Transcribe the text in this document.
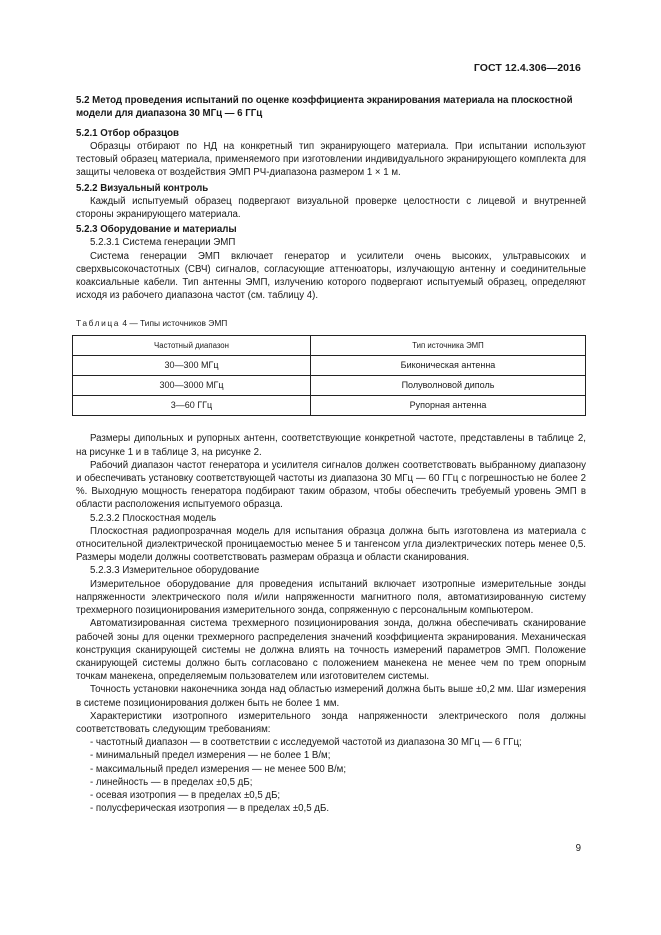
ГОСТ 12.4.306—2016

5.2 Метод проведения испытаний по оценке коэффициента экранирования материала на плоскостной модели для диапазона 30 МГц — 6 ГГц

5.2.1 Отбор образцов

Образцы отбирают по НД на конкретный тип экранирующего материала. При испытании используют тестовый образец материала, применяемого при изготовлении индивидуального экранирующего комплекта для защиты человека от воздействия ЭМП РЧ-диапазона размером 1 × 1 м.

5.2.2 Визуальный контроль

Каждый испытуемый образец подвергают визуальной проверке целостности с лицевой и внутренней стороны экранирующего материала.

5.2.3 Оборудование и материалы

5.2.3.1 Система генерации ЭМП

Система генерации ЭМП включает генератор и усилители очень высоких, ультравысоких и сверхвысокочастотных (СВЧ) сигналов, согласующие аттенюаторы, излучающую антенну и соединительные коаксиальные кабели. Тип антенны ЭМП, излучению которого подвергают испытуемый образец, определяют исходя из рабочего диапазона частот (см. таблицу 4).

Таблица 4 — Типы источников ЭМП

Частотный диапазон	Тип источника ЭМП
30—300 МГц	Биконическая антенна
300—3000 МГц	Полуволновой диполь
3—60 ГГц	Рупорная антенна

Размеры дипольных и рупорных антенн, соответствующие конкретной частоте, представлены в таблице 2, на рисунке 1 и в таблице 3, на рисунке 2.

Рабочий диапазон частот генератора и усилителя сигналов должен соответствовать выбранному диапазону и обеспечивать установку соответствующей частоты из диапазона 30 МГц — 60 ГГц с погрешностью не более 2 %. Выходную мощность генератора подбирают таким образом, чтобы обеспечить требуемый уровень ЭМП в области расположения испытуемого образца.

5.2.3.2 Плоскостная модель

Плоскостная радиопрозрачная модель для испытания образца должна быть изготовлена из материала с относительной диэлектрической проницаемостью менее 5 и тангенсом угла диэлектрических потерь менее 0,5. Размеры модели должны соответствовать размерам образца и области сканирования.

5.2.3.3 Измерительное оборудование

Измерительное оборудование для проведения испытаний включает изотропные измерительные зонды напряженности электрического поля и/или напряженности магнитного поля, автоматизированную систему трехмерного позиционирования измерительного зонда, сопряженную с персональным компьютером.

Автоматизированная система трехмерного позиционирования зонда, должна обеспечивать сканирование рабочей зоны для оценки трехмерного распределения значений коэффициента экранирования. Механическая конструкция сканирующей системы не должна влиять на точность измерений параметров ЭМП. Положение сканирующей системы должно быть согласовано с положением манекена не менее чем по трем опорным точкам манекена, определяемым пользователем или изготовителем системы.

Точность установки наконечника зонда над областью измерений должна быть выше ±0,2 мм. Шаг измерения в системе позиционирования должен быть не более 1 мм.

Характеристики изотропного измерительного зонда напряженности электрического поля должны соответствовать следующим требованиям:

- частотный диапазон — в соответствии с исследуемой частотой из диапазона 30 МГц — 6 ГГц;
- минимальный предел измерения — не более 1 В/м;
- максимальный предел измерения — не менее 500 В/м;
- линейность — в пределах ±0,5 дБ;
- осевая изотропия — в пределах ±0,5 дБ;
- полусферическая изотропия — в пределах ±0,5 дБ.
9
